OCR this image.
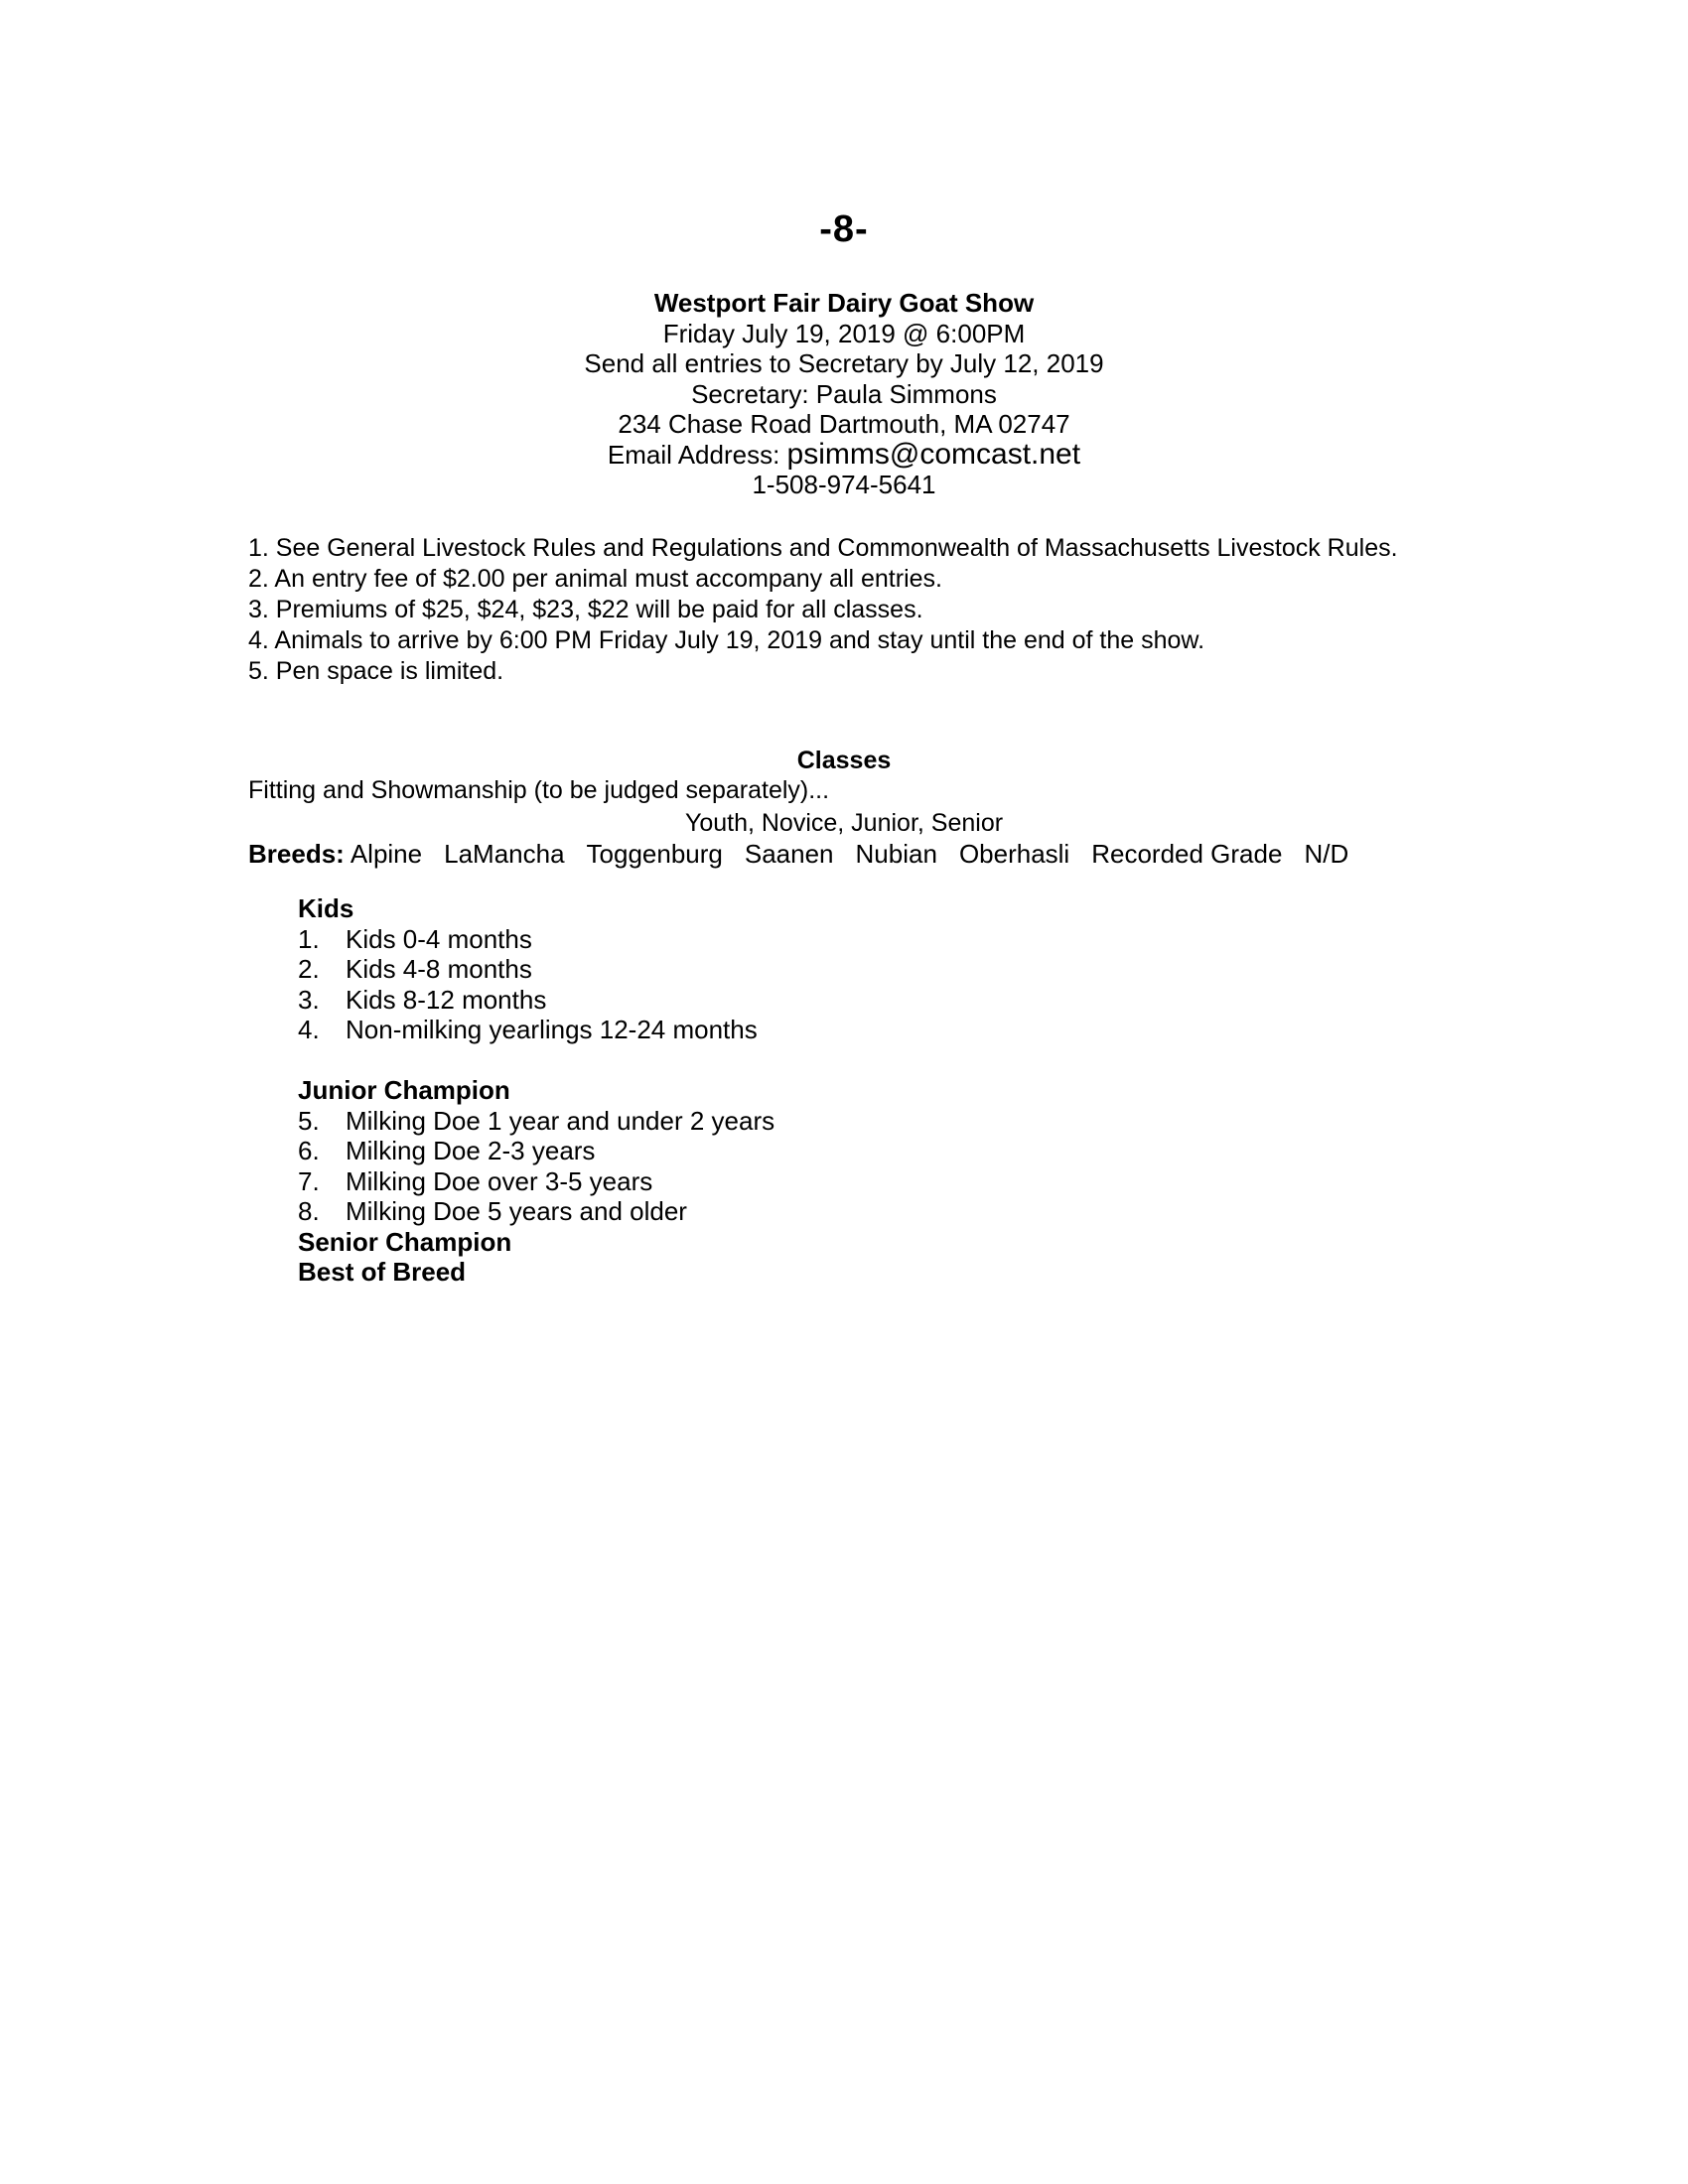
-8-
Westport Fair Dairy Goat Show
Friday July 19, 2019 @ 6:00PM
Send all entries to Secretary by July 12, 2019
Secretary: Paula Simmons
234 Chase Road Dartmouth, MA 02747
Email Address: psimms@comcast.net
1-508-974-5641

1. See General Livestock Rules and Regulations and Commonwealth of Massachusetts Livestock Rules.

2. An entry fee of $2.00 per animal must accompany all entries.

3. Premiums of $25, $24, $23, $22 will be paid for all classes.

4. Animals to arrive by 6:00 PM Friday July 19, 2019 and stay until the end of the show.

5. Pen space is limited.

Classes
Fitting and Showmanship (to be judged separately)...
Youth, Novice, Junior, Senior
Breeds: Alpine LaMancha Toggenburg Saanen Nubian Oberhasli Recorded Grade N/D
Kids
1.	Kids 0-4 months
2.	Kids 4-8 months
3.	Kids 8-12 months
4.	Non-milking yearlings 12-24 months
Junior Champion
5.	Milking Doe 1 year and under 2 years
6.	Milking Doe 2-3 years
7.	Milking Doe over 3-5 years
8.	Milking Doe 5 years and older
Senior Champion
Best of Breed
